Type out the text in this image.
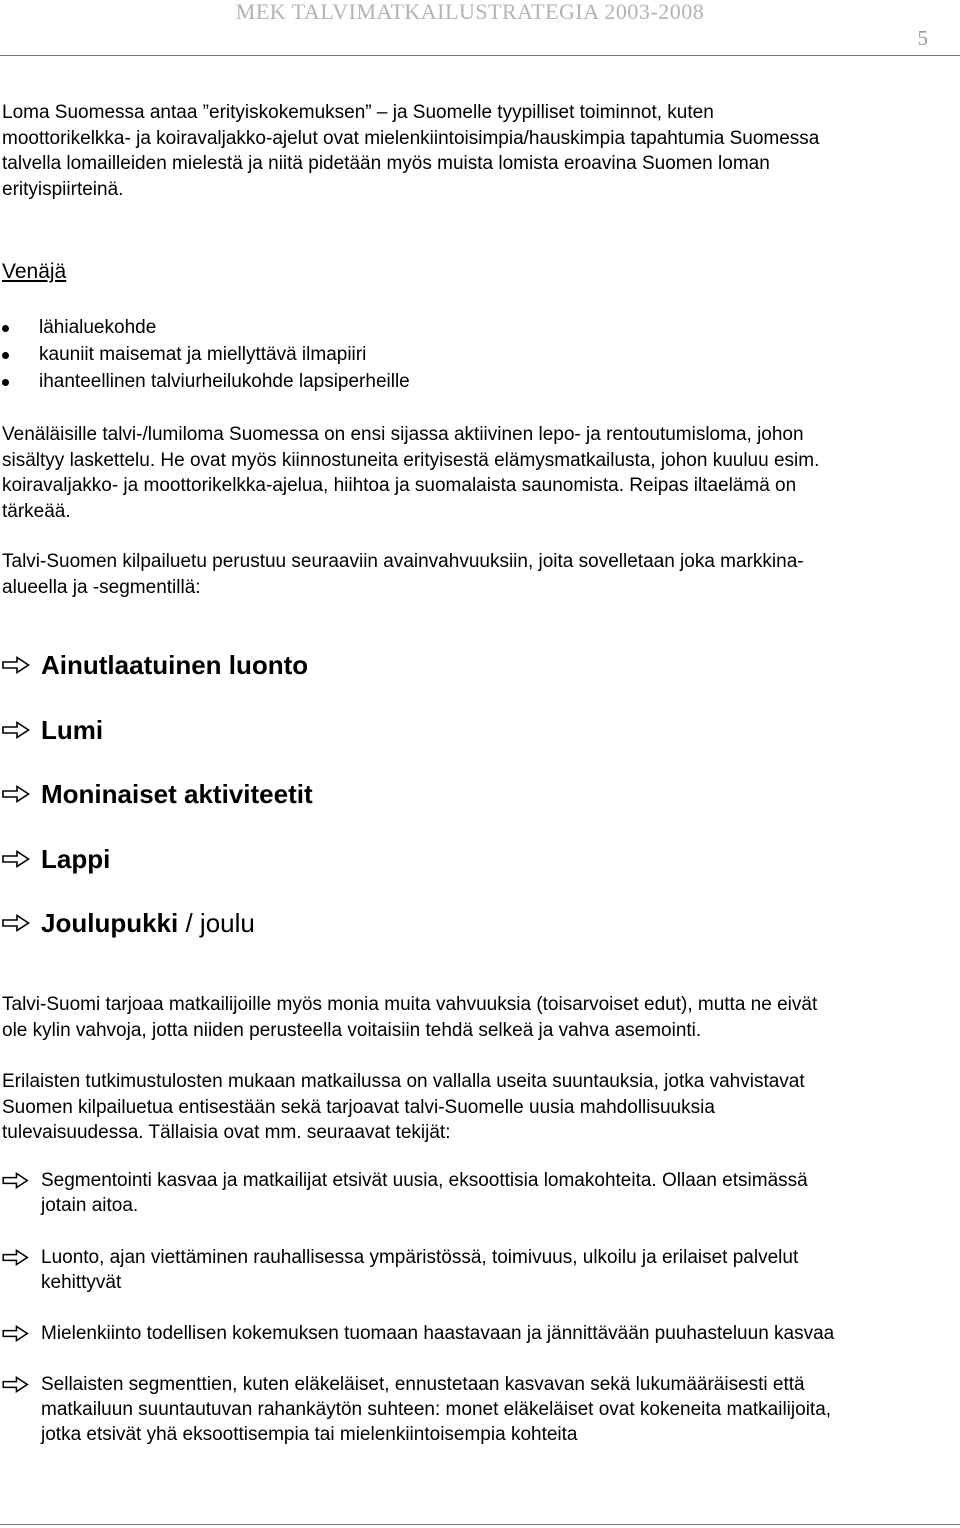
MEK TALVIMATKAILUSTRATEGIA 2003-2008
5
Loma Suomessa antaa ”erityiskokemuksen” – ja Suomelle tyypilliset toiminnot, kuten
moottorikelkka- ja koiravaljakko-ajelut ovat mielenkiintoisimpia/hauskimpia tapahtumia Suomessa
talvella lomailleiden mielestä ja niitä pidetään myös muista lomista eroavina Suomen loman
erityispiirteinä.
Venäjä
lähialuekohde
kauniit maisemat ja miellyttävä ilmapiiri
ihanteellinen talviurheilukohde lapsiperheille
Venäläisille talvi-/lumiloma Suomessa on ensi sijassa aktiivinen lepo- ja rentoutumisloma, johon
sisältyy laskettelu. He ovat myös kiinnostuneita erityisestä elämysmatkailusta, johon kuuluu esim.
koiravaljakko- ja moottorikelkka-ajelua, hiihtoa ja suomalaista saunomista. Reipas iltaelämä on
tärkeää.
Talvi-Suomen kilpailuetu perustuu seuraaviin avainvahvuuksiin, joita sovelletaan joka markkina-
alueella ja -segmentillä:
Ainutlaatuinen luonto
Lumi
Moninaiset aktiviteetit
Lappi
Joulupukki / joulu
Talvi-Suomi tarjoaa matkailijoille myös monia muita vahvuuksia (toisarvoiset edut), mutta ne eivät
ole kylin vahvoja, jotta niiden perusteella voitaisiin tehdä selkeä ja vahva asemointi.
Erilaisten tutkimustulosten mukaan matkailussa on vallalla useita suuntauksia, jotka vahvistavat
Suomen kilpailuetua entisestään sekä tarjoavat talvi-Suomelle uusia mahdollisuuksia
tulevaisuudessa. Tällaisia ovat mm. seuraavat tekijät:
Segmentointi kasvaa ja matkailijat etsivät uusia, eksoottisia lomakohteita. Ollaan etsimässä
jotain aitoa.
Luonto, ajan viettäminen rauhallisessa ympäristössä, toimivuus, ulkoilu ja erilaiset palvelut
kehittyvät
Mielenkiinto todellisen kokemuksen tuomaan haastavaan ja jännittävään puuhasteluun kasvaa
Sellaisten segmenttien, kuten eläkeläiset, ennustetaan kasvavan sekä lukumääräisesti että
matkailuun suuntautuvan rahankäytön suhteen: monet eläkeläiset ovat kokeneita matkailijoita,
jotka etsivät yhä eksoottisempia tai mielenkiintoisempia kohteita
